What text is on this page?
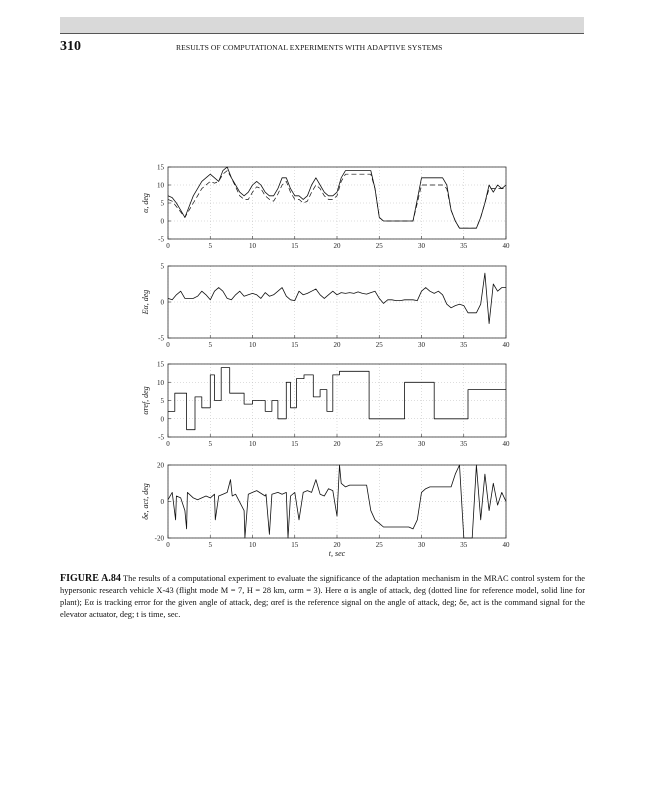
310	RESULTS OF COMPUTATIONAL EXPERIMENTS WITH ADAPTIVE SYSTEMS
0	5	10	15	20	25	30	35	40
-5
0
5
10
15
α, deg
0	5	10	15	20	25	30	35	40
-5
0
5
Eα, deg
0	5	10	15	20	25	30	35	40
-5
0
5
10
15
αref, deg
0	5	10	15	20	25	30	35	40
-20
0
20
δe, act, deg
t, sec
FIGURE A.84 The results of a computational experiment to evaluate the significance of the adaptation mechanism in the MRAC control system for the hypersonic research vehicle X-43 (flight mode M = 7, H = 28 km, ωrm = 3). Here α is angle of attack, deg (dotted line for reference model, solid line for plant); Eα is tracking error for the given angle of attack, deg; αref is the reference signal on the angle of attack, deg; δe, act is the command signal for the elevator actuator, deg; t is time, sec.
